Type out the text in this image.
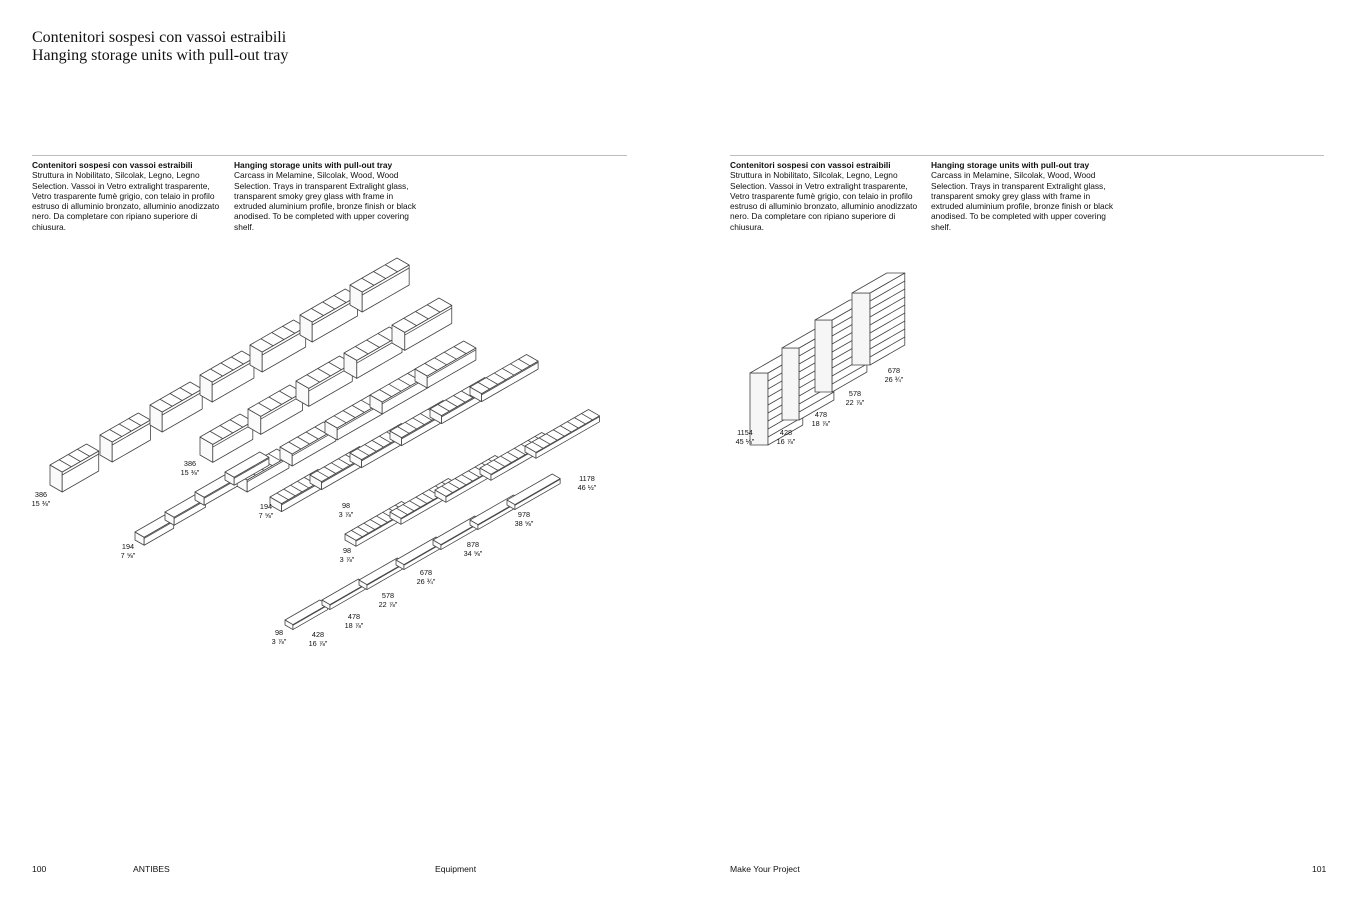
Contenitori sospesi con vassoi estraibili
Hanging storage units with pull-out tray
Contenitori sospesi con vassoi estraibili
Struttura in Nobilitato, Silcolak, Legno, Legno Selection. Vassoi in Vetro extralight trasparente, Vetro trasparente fumè grigio, con telaio in profilo estruso di alluminio bronzato, alluminio anodizzato nero. Da completare con ripiano superiore di chiusura.
Hanging storage units with pull-out tray
Carcass in Melamine, Silcolak, Wood, Wood Selection. Trays in transparent Extralight glass, transparent smoky grey glass with frame in extruded aluminium profile, bronze finish or black anodised. To be completed with upper covering shelf.
Contenitori sospesi con vassoi estraibili
Struttura in Nobilitato, Silcolak, Legno, Legno Selection. Vassoi in Vetro extralight trasparente, Vetro trasparente fumè grigio, con telaio in profilo estruso di alluminio bronzato, alluminio anodizzato nero. Da completare con ripiano superiore di chiusura.
Hanging storage units with pull-out tray
Carcass in Melamine, Silcolak, Wood, Wood Selection. Trays in transparent Extralight glass, transparent smoky grey glass with frame in extruded aluminium profile, bronze finish or black anodised. To be completed with upper covering shelf.
386
15 ⅜"
386
15 ⅜"
194
7 ⅝"
194
7 ⅝"
98
3 ⅞"
98
3 ⅞"
98
3 ⅞"
428
16 ⅞"
478
18 ⅞"
578
22 ⅞"
678
26 ¾"
878
34 ⅝"
978
38 ⅝"
1178
46 ½"
1154
45 ¼"
428
16 ⅞"
478
18 ⅞"
578
22 ⅞"
678
26 ¾"
100	ANTIBES	Equipment	Make Your Project	101
